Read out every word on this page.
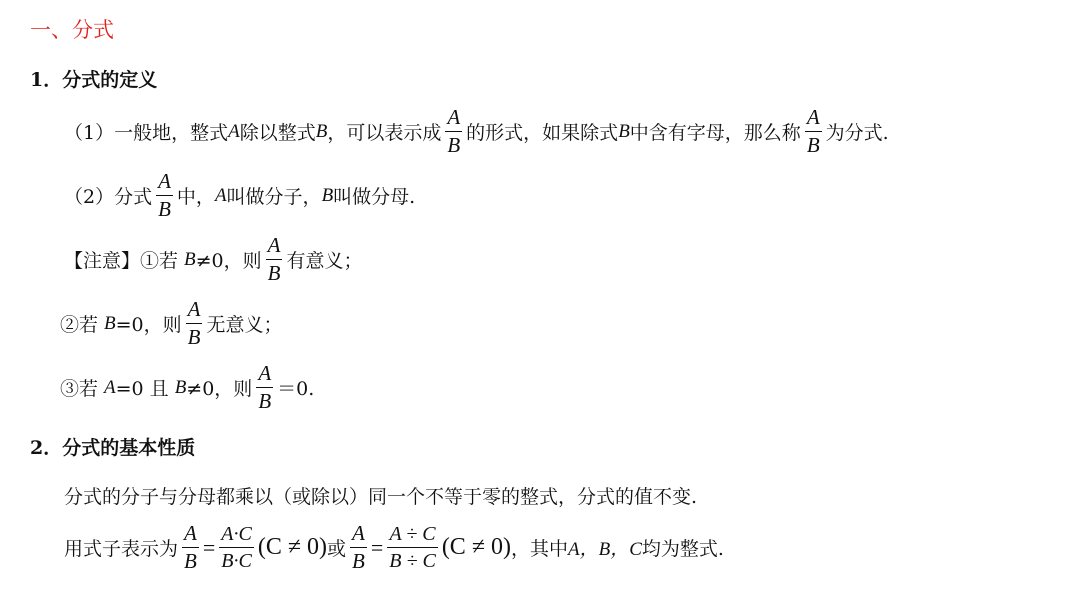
一、分式
1． 分式的定义
（1）一般地，整式 A 除以整式 B ，可以表示成 $\frac{A}{B}$ 的形式，如果除式 B 中含有字母，那么称 $\frac{A}{B}$ 为分式.
（2）分式 $\frac{A}{B}$ 中， A 叫做分子， B 叫做分母.
【注意】①若 B ≠0，则 $\frac{A}{B}$ 有意义；
②若 B =0，则 $\frac{A}{B}$ 无意义；
③若 A =0 且 B ≠0，则 $\frac{A}{B} =0$.
2． 分式的基本性质
分式的分子与分母都乘以（或除以）同一个不等于零的整式，分式的值不变.
用式子表示为 $\frac{A}{B} = \frac{A\cdot C}{B\cdot C} (C \ne 0)$ 或 $\frac{A}{B} = \frac{A \div C}{B \div C} (C \ne 0)$ ，其中 A，B，C 均为整式.
